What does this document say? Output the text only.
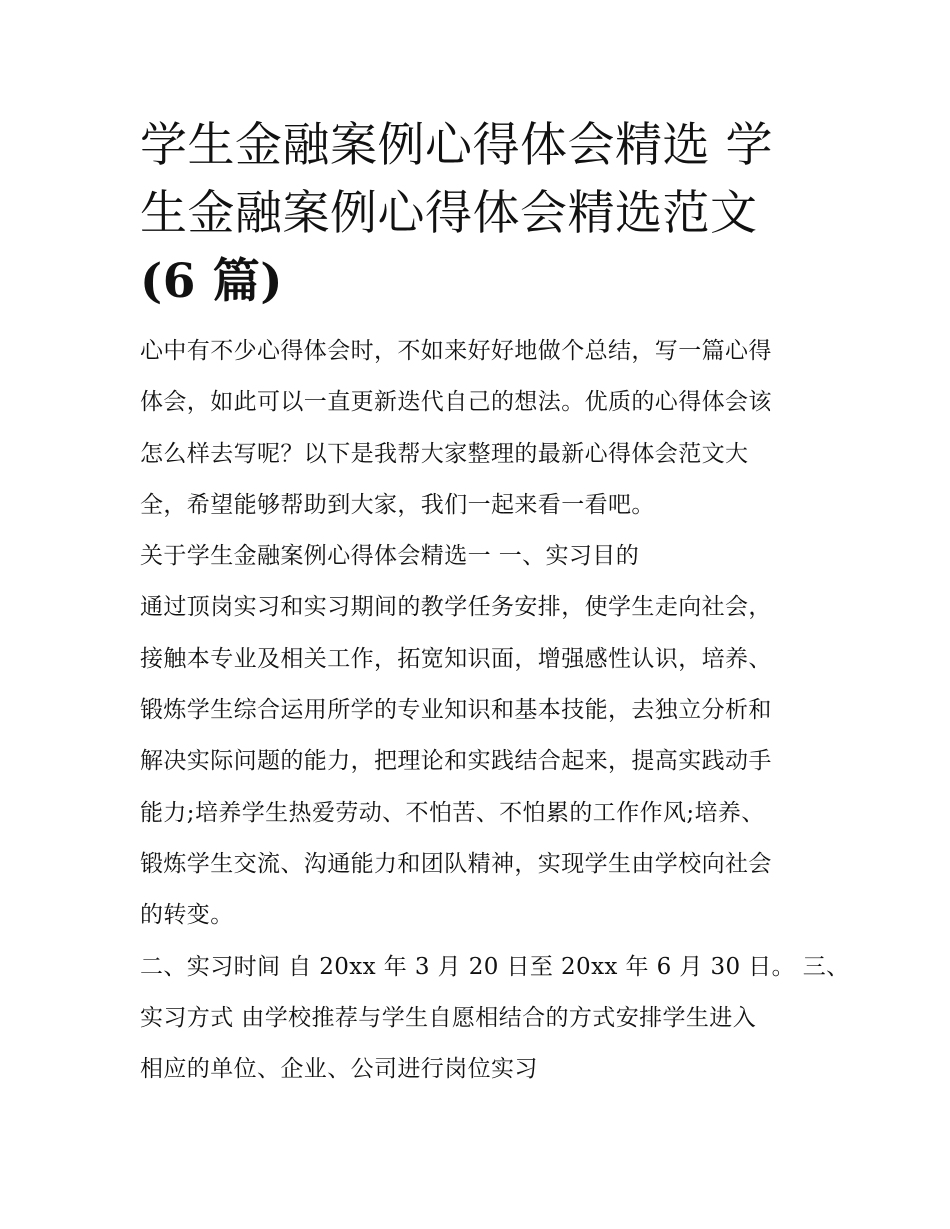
学生金融案例心得体会精选 学
生金融案例心得体会精选范文
(6 篇)
心中有不少心得体会时，不如来好好地做个总结，写一篇心得
体会，如此可以一直更新迭代自己的想法。优质的心得体会该
怎么样去写呢？以下是我帮大家整理的最新心得体会范文大
全，希望能够帮助到大家，我们一起来看一看吧。
关于学生金融案例心得体会精选一 一、实习目的
通过顶岗实习和实习期间的教学任务安排，使学生走向社会，
接触本专业及相关工作，拓宽知识面，增强感性认识，培养、
锻炼学生综合运用所学的专业知识和基本技能，去独立分析和
解决实际问题的能力，把理论和实践结合起来，提高实践动手
能力;培养学生热爱劳动、不怕苦、不怕累的工作作风;培养、
锻炼学生交流、沟通能力和团队精神，实现学生由学校向社会
的转变。
二、实习时间 自 20xx 年 3 月 20 日至 20xx 年 6 月 30 日。 三、
实习方式 由学校推荐与学生自愿相结合的方式安排学生进入
相应的单位、企业、公司进行岗位实习
